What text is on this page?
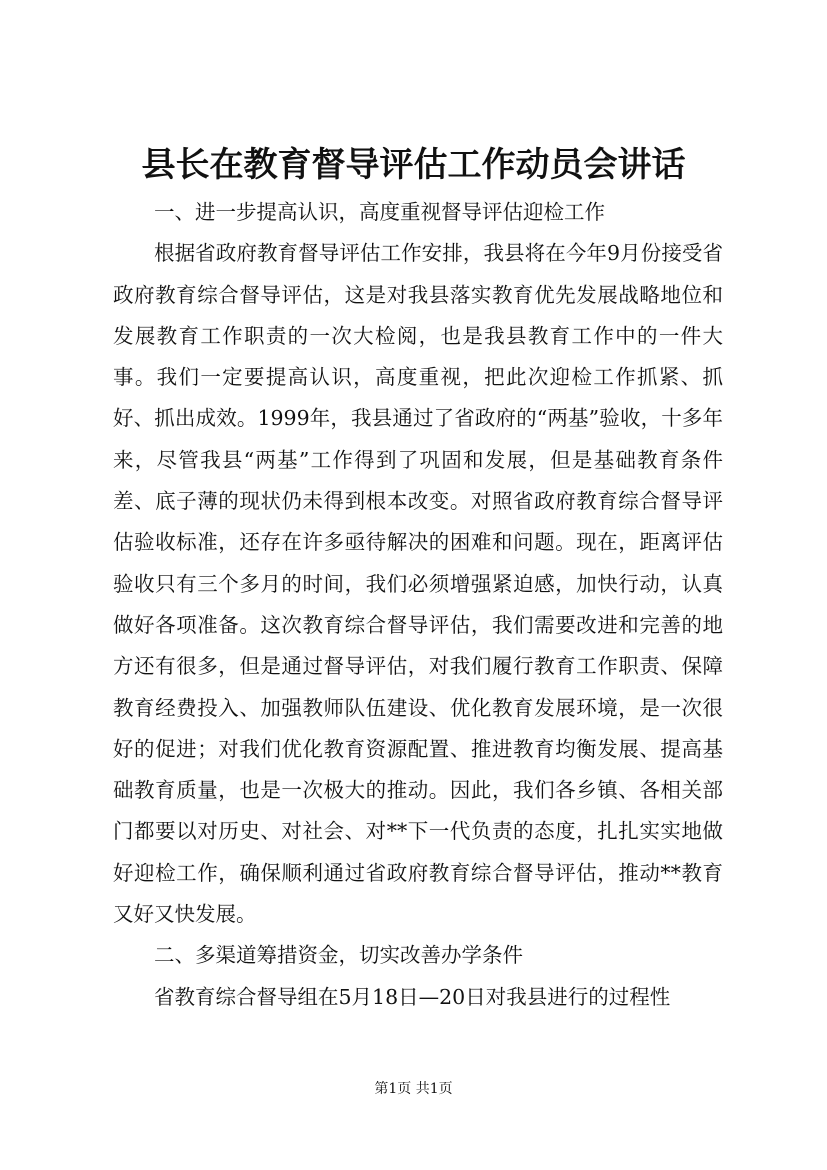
县长在教育督导评估工作动员会讲话

一、进一步提高认识，高度重视督导评估迎检工作

根据省政府教育督导评估工作安排，我县将在今年9月份接受省政府教育综合督导评估，这是对我县落实教育优先发展战略地位和发展教育工作职责的一次大检阅，也是我县教育工作中的一件大事。我们一定要提高认识，高度重视，把此次迎检工作抓紧、抓好、抓出成效。1999年，我县通过了省政府的“两基”验收，十多年来，尽管我县“两基”工作得到了巩固和发展，但是基础教育条件差、底子薄的现状仍未得到根本改变。对照省政府教育综合督导评估验收标准，还存在许多亟待解决的困难和问题。现在，距离评估验收只有三个多月的时间，我们必须增强紧迫感，加快行动，认真做好各项准备。这次教育综合督导评估，我们需要改进和完善的地方还有很多，但是通过督导评估，对我们履行教育工作职责、保障教育经费投入、加强教师队伍建设、优化教育发展环境，是一次很好的促进；对我们优化教育资源配置、推进教育均衡发展、提高基础教育质量，也是一次极大的推动。因此，我们各乡镇、各相关部门都要以对历史、对社会、对**下一代负责的态度，扎扎实实地做好迎检工作，确保顺利通过省政府教育综合督导评估，推动**教育又好又快发展。

二、多渠道筹措资金，切实改善办学条件

省教育综合督导组在5月18日—20日对我县进行的过程性

第1页 共1页
